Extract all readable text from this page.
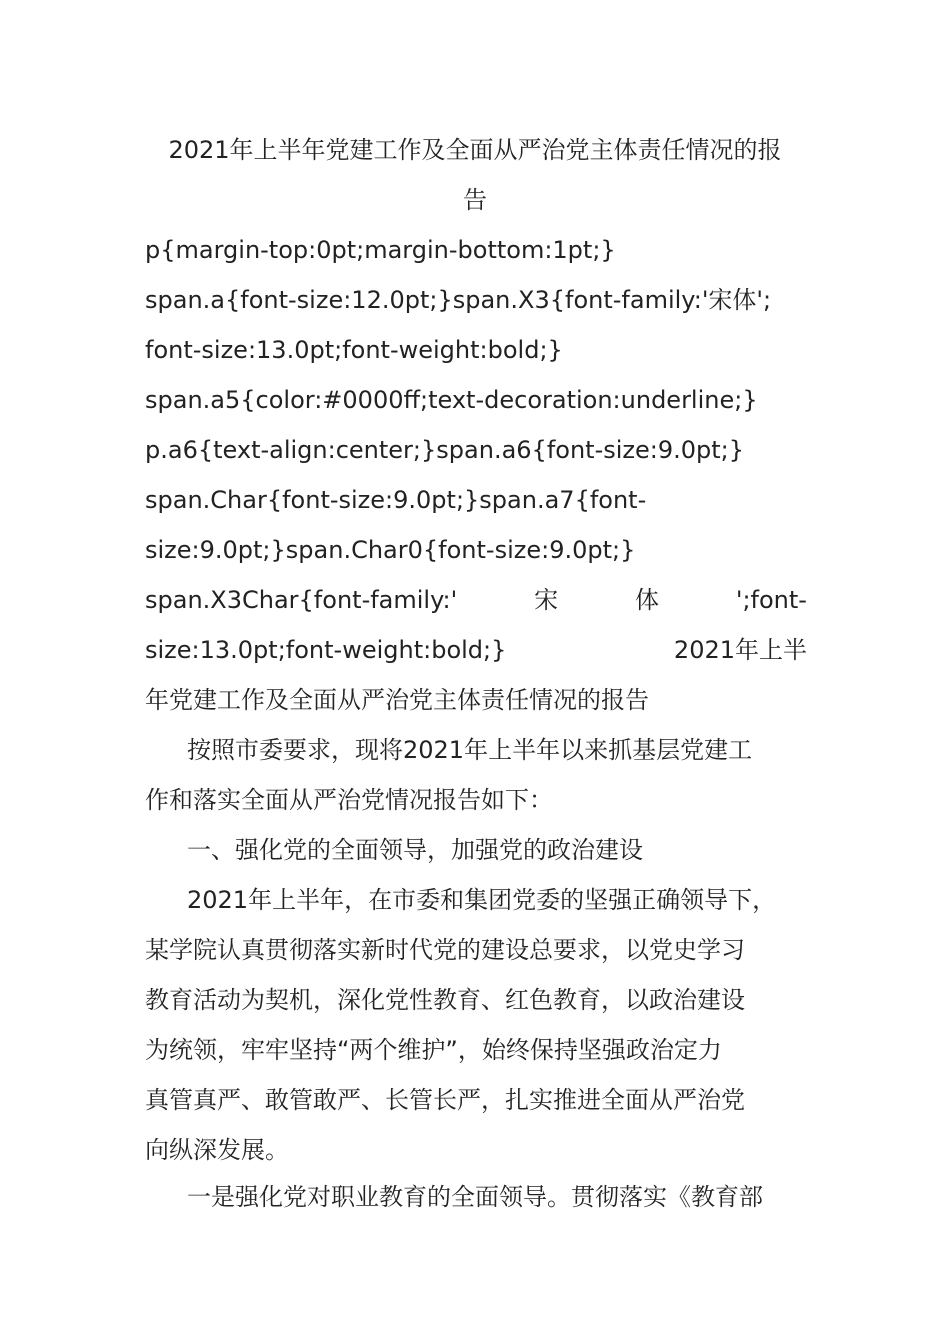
2021年上半年党建工作及全面从严治党主体责任情况的报
告
p{margin-top:0pt;margin-bottom:1pt;}
span.a{font-size:12.0pt;}span.X3{font-family:'宋体';
font-size:13.0pt;font-weight:bold;}
span.a5{color:#0000ff;text-decoration:underline;}
p.a6{text-align:center;}span.a6{font-size:9.0pt;}
span.Char{font-size:9.0pt;}span.a7{font-
size:9.0pt;}span.Char0{font-size:9.0pt;}
span.X3Char{font-family:'	宋	体	';font-
size:13.0pt;font-weight:bold;}	2021年上半
年党建工作及全面从严治党主体责任情况的报告
按照市委要求，现将2021年上半年以来抓基层党建工
作和落实全面从严治党情况报告如下：
一、强化党的全面领导，加强党的政治建设
2021年上半年，在市委和集团党委的坚强正确领导下，
某学院认真贯彻落实新时代党的建设总要求，以党史学习
教育活动为契机，深化党性教育、红色教育，以政治建设
为统领，牢牢坚持“两个维护”，始终保持坚强政治定力
真管真严、敢管敢严、长管长严，扎实推进全面从严治党
向纵深发展。
一是强化党对职业教育的全面领导。贯彻落实《教育部
